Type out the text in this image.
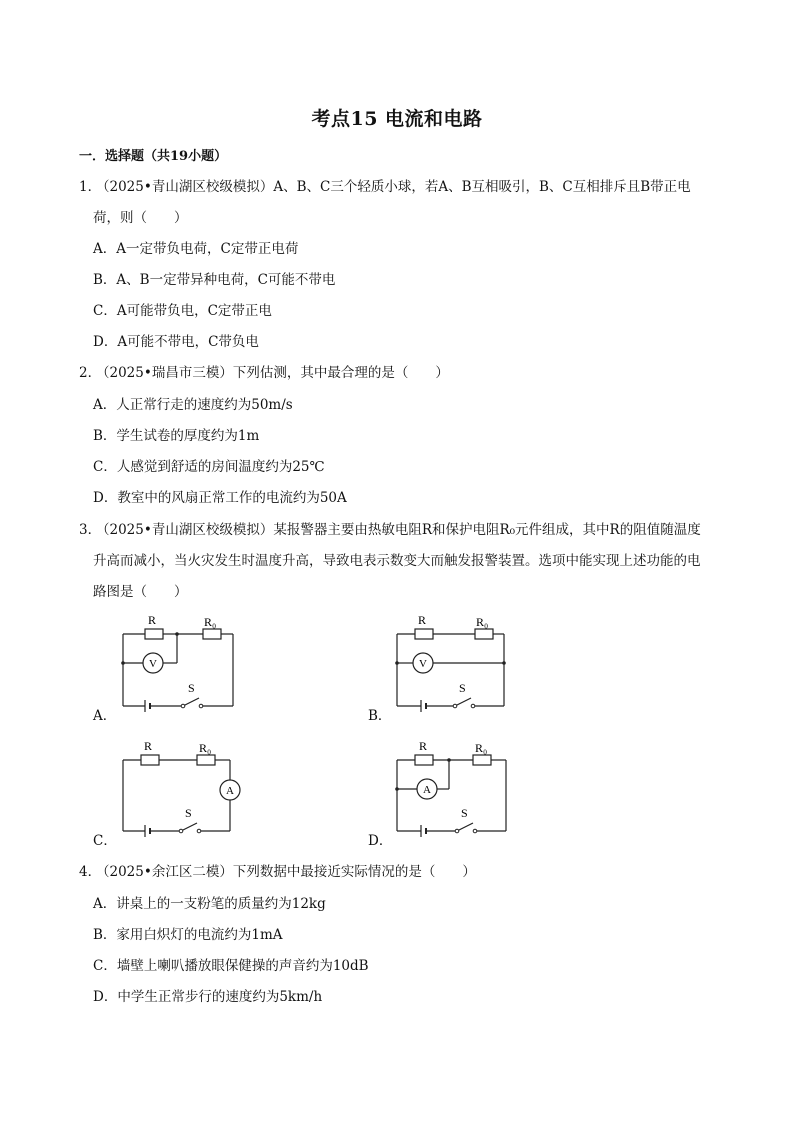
考点15 电流和电路
一．选择题（共19小题）
1．
（2025•青山湖区校级模拟）A、B、C三个轻质小球，若A、B互相吸引，B、C互相排斥且B带正电
荷，则（　　）
A．A一定带负电荷，C定带正电荷
B．A、B一定带异种电荷，C可能不带电
C．A可能带负电，C定带正电
D．A可能不带电，C带负电
2．
（2025•瑞昌市三模）下列估测，其中最合理的是（　　）
A．人正常行走的速度约为50m/s
B．学生试卷的厚度约为1m
C．人感觉到舒适的房间温度约为25℃
D．教室中的风扇正常工作的电流约为50A
3．
（2025•青山湖区校级模拟）某报警器主要由热敏电阻R和保护电阻R₀元件组成，其中R的阻值随温度
升高而减小，当火灾发生时温度升高，导致电表示数变大而触发报警装置。选项中能实现上述功能的电
路图是（　　）
A．
R	R₀
V
S
B．
R	R₀
V
S
C．
R	R₀
A
S
D．
R	R₀
A
S
4．
（2025•余江区二模）下列数据中最接近实际情况的是（　　）
A．讲桌上的一支粉笔的质量约为12kg
B．家用白炽灯的电流约为1mA
C．墙壁上喇叭播放眼保健操的声音约为10dB
D．中学生正常步行的速度约为5km/h
